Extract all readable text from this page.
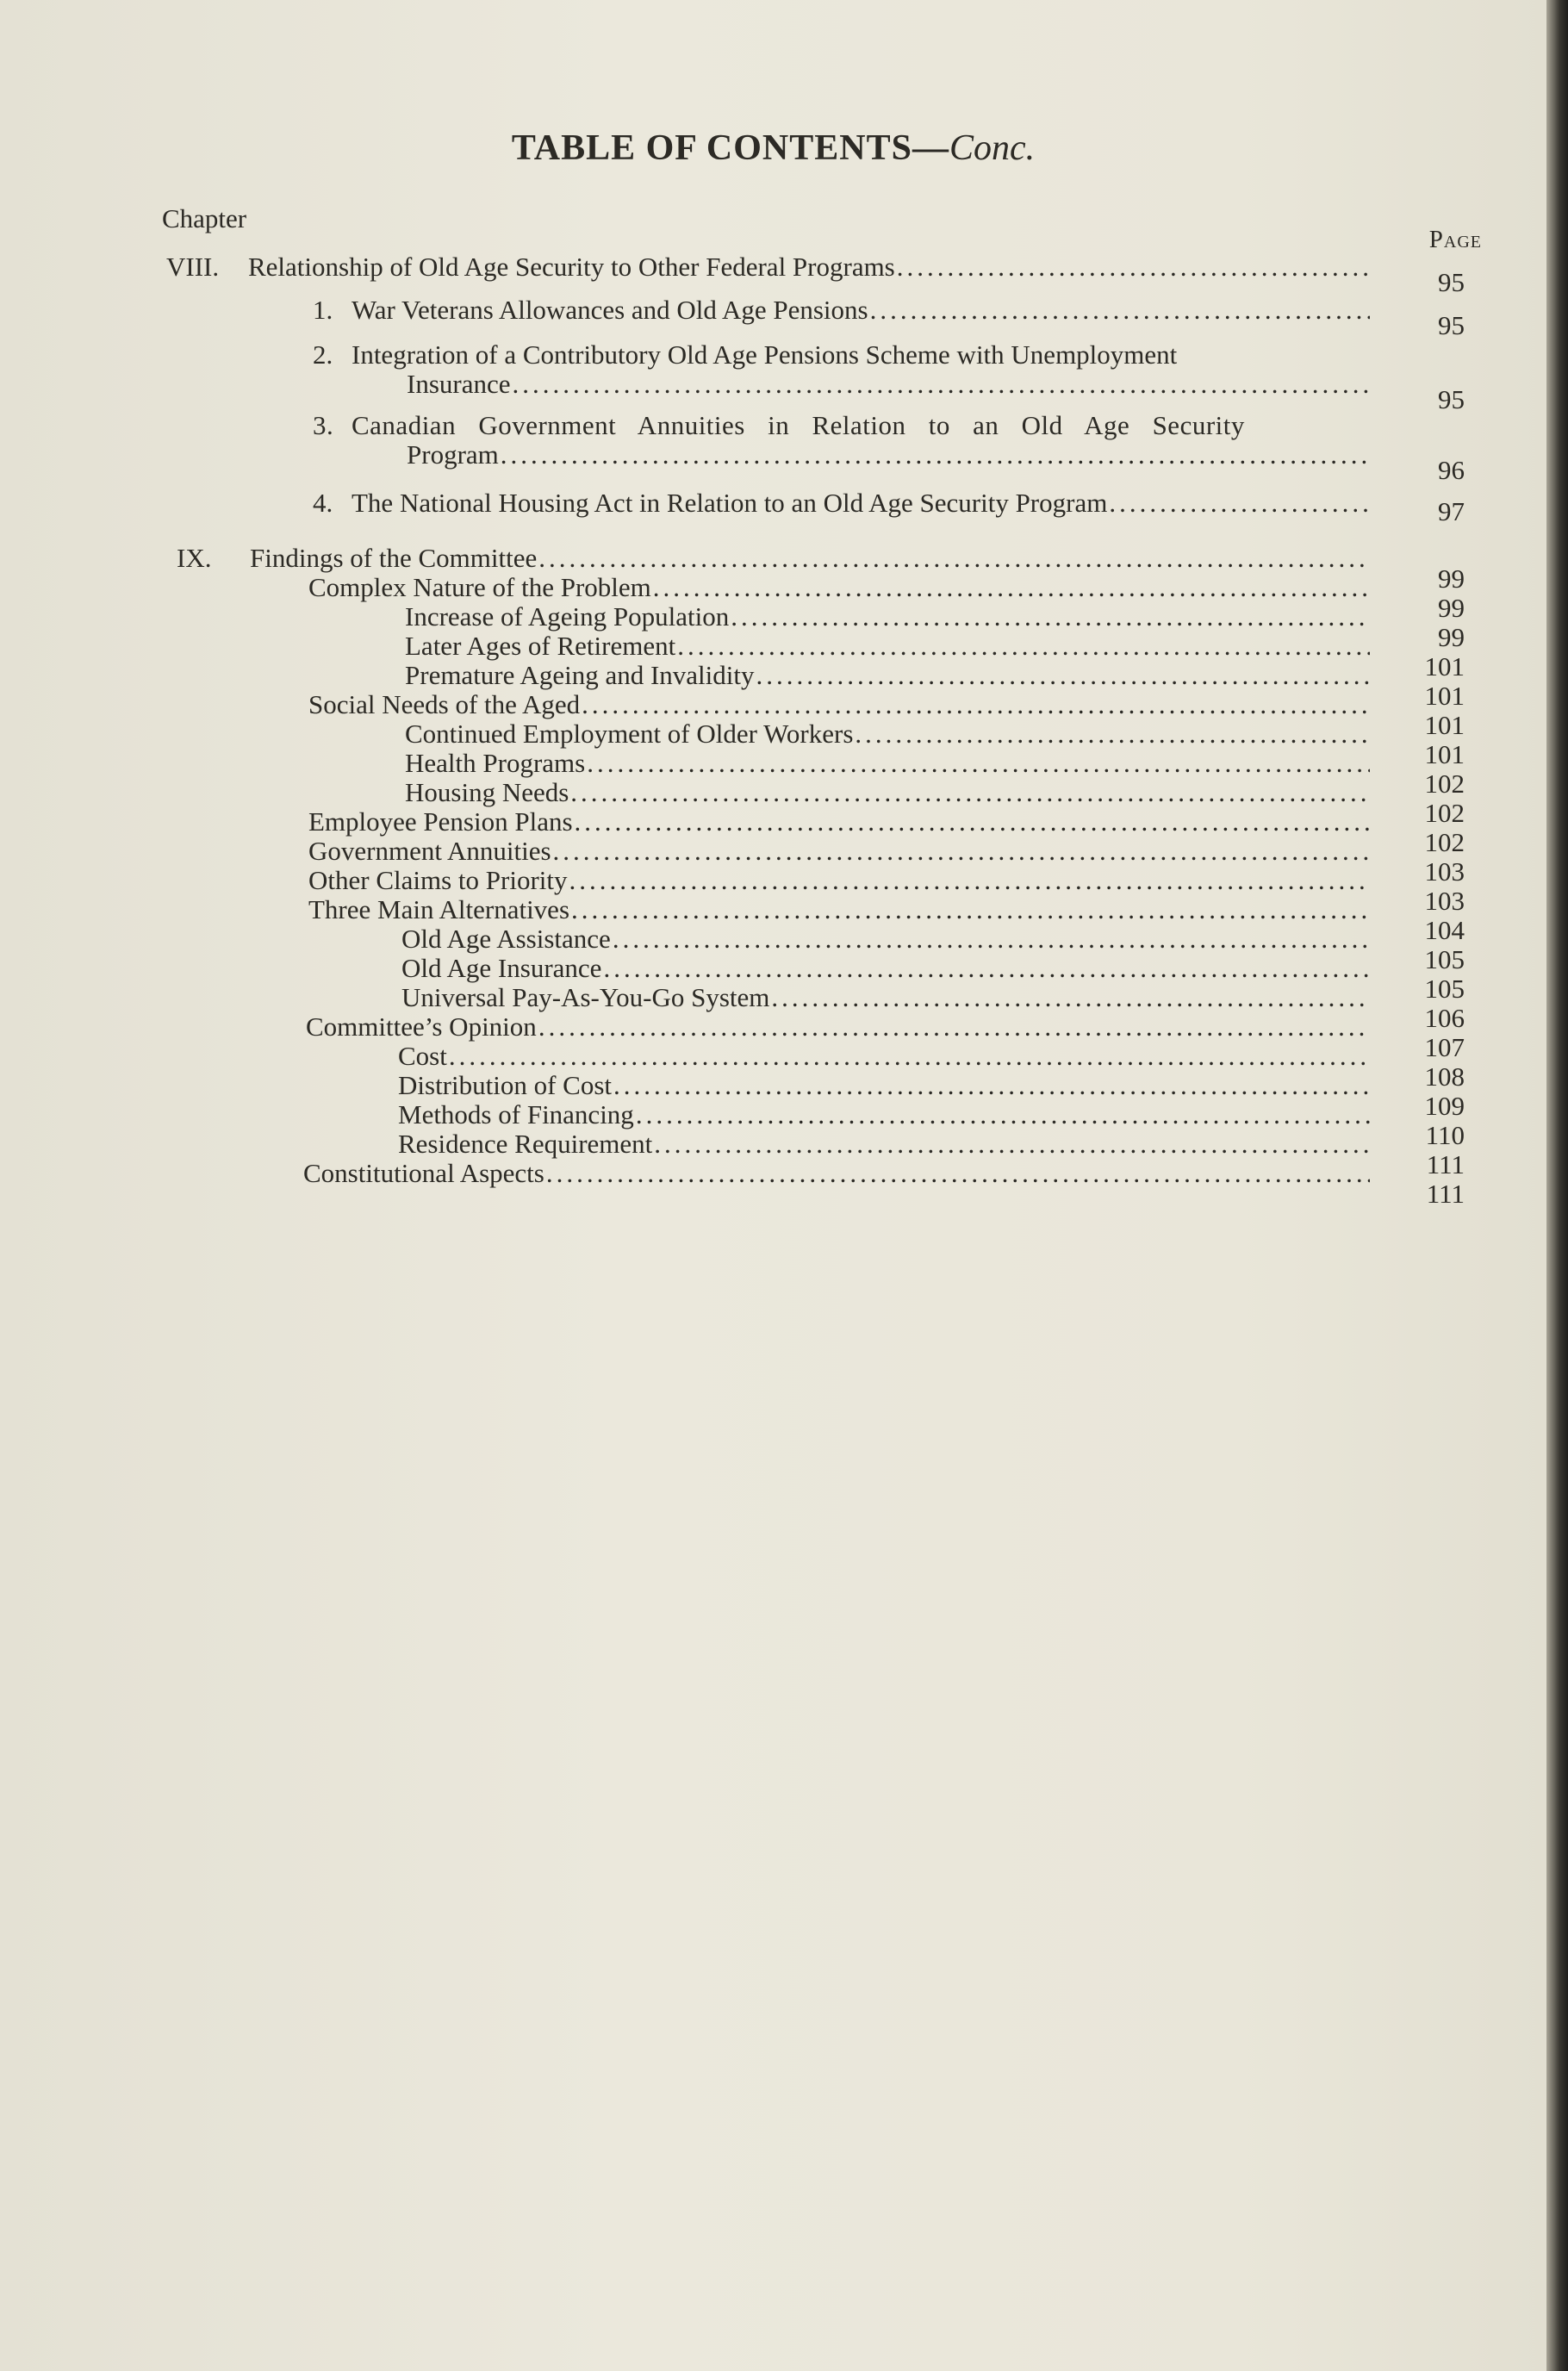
TABLE OF CONTENTS—Conc.
Chapter
Page
VIII. Relationship of Old Age Security to Other Federal Programs
.....
95
1. War Veterans Allowances and Old Age Pensions
.....
95
2. Integration of a Contributory Old Age Pensions Scheme with Unemployment
Insurance
.....
95
3. Canadian Government Annuities in Relation to an Old Age Security
Program
.....
96
4. The National Housing Act in Relation to an Old Age Security Program
.....	97
IX. Findings of the Committee
.....
99
Complex Nature of the Problem
.....
99
Increase of Ageing Population
.....
99
Later Ages of Retirement
.....
101
Premature Ageing and Invalidity
.....
101
Social Needs of the Aged
.....
101
Continued Employment of Older Workers
.....
101
Health Programs
.....
102
Housing Needs
.....
102
Employee Pension Plans
.....
102
Government Annuities
.....
103
Other Claims to Priority
.....
103
Three Main Alternatives
.....
104
Old Age Assistance
.....
105
Old Age Insurance
.....
105
Universal Pay-As-You-Go System
.....
106
Committee’s Opinion
.....
107
Cost
.....
108
Distribution of Cost
.....
109
Methods of Financing
.....
110
Residence Requirement
.....
111
Constitutional Aspects
.....
111
